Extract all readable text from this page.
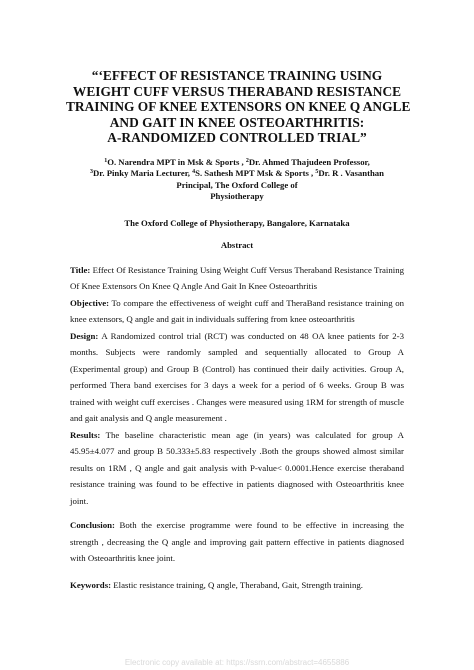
“‘EFFECT OF RESISTANCE TRAINING USING
WEIGHT CUFF VERSUS THERABAND RESISTANCE
TRAINING OF KNEE EXTENSORS ON KNEE Q ANGLE
AND GAIT IN KNEE OSTEOARTHRITIS:
A-RANDOMIZED CONTROLLED TRIAL”
$^1$O. Narendra MPT in Msk & Sports , $^2$Dr. Ahmed Thajudeen Professor,
$^3$Dr. Pinky Maria Lecturer, $^4$S. Sathesh MPT Msk & Sports , $^5$Dr. R . Vasanthan
Principal, The Oxford College of
Physiotherapy
The Oxford College of Physiotherapy, Bangalore, Karnataka
Abstract

Title: Effect Of Resistance Training Using Weight Cuff Versus Theraband Resistance Training Of Knee Extensors On Knee Q Angle And Gait In Knee Osteoarthritis

Objective: To compare the effectiveness of weight cuff and TheraBand resistance training on knee extensors, Q angle and gait in individuals suffering from knee osteoarthritis

Design: A Randomized control trial (RCT) was conducted on 48 OA knee patients for 2-3 months. Subjects were randomly sampled and sequentially allocated to Group A (Experimental group) and Group B (Control) has continued their daily activities. Group A, performed Thera band exercises for 3 days a week for a period of 6 weeks. Group B was trained with weight cuff exercises . Changes were measured using 1RM for strength of muscle and gait analysis and Q angle measurement .

Results: The baseline characteristic mean age (in years) was calculated for group A 45.95±4.077 and group B 50.333±5.83 respectively .Both the groups showed almost similar results on 1RM , Q angle and gait analysis with P-value< 0.0001.Hence exercise theraband resistance training was found to be effective in patients diagnosed with Osteoarthritis knee joint.

Conclusion: Both the exercise programme were found to be effective in increasing the strength , decreasing the Q angle and improving gait pattern effective in patients diagnosed with Osteoarthritis knee joint.

Keywords: Elastic resistance training, Q angle, Theraband, Gait, Strength training.

Electronic copy available at: https://ssrn.com/abstract=4655886
